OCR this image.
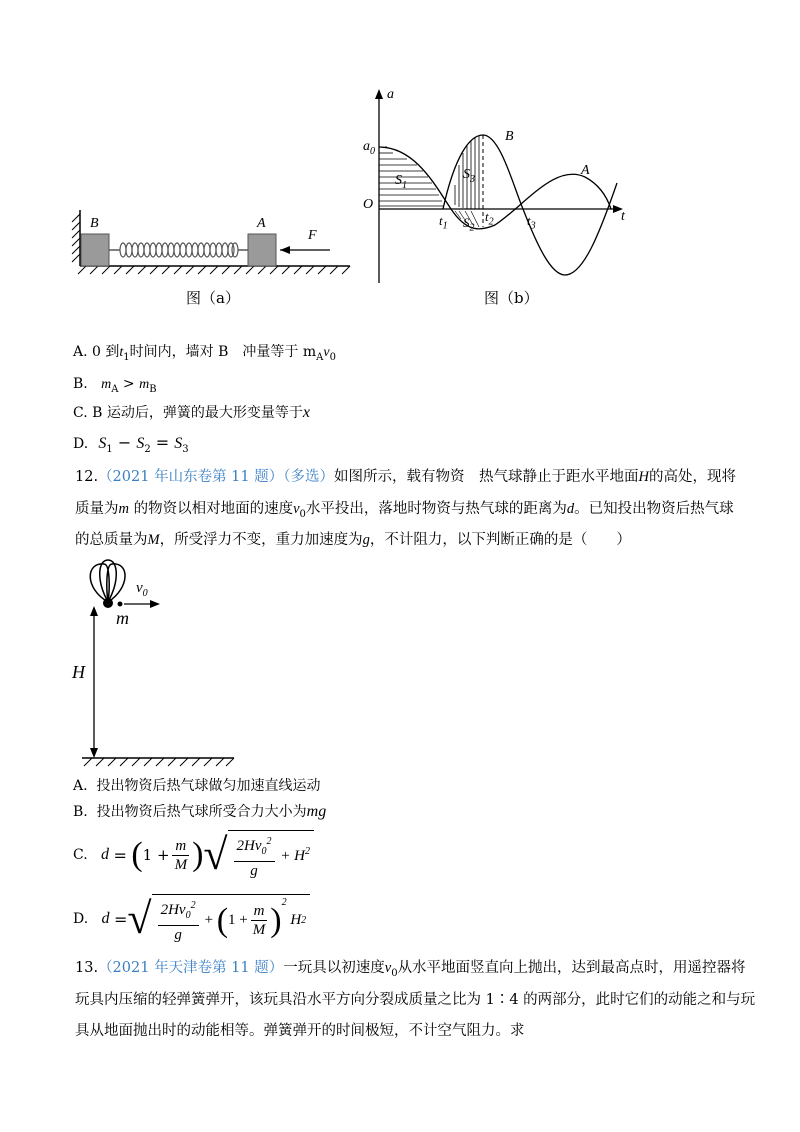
B	A
F
图（a）
a
t
$a_0$
O
B
A
$S_1$
$S_3$
$S_2$
$t_1$
$t_2$	$t_3$
图（b）
A. 0 到$t_1$时间内，墙对 B　冲量等于 $m_Av_0$
B. $m_A > m_B$
C. B 运动后，弹簧的最大形变量等于x
D. $S_1 - S_2 = S_3$
12.（2021 年山东卷第 11 题）（多选）如图所示，载有物资　热气球静止于距水平地面H的高处，现将
质量为m 的物资以相对地面的速度$v_0$水平投出，落地时物资与热气球的距离为d。已知投出物资后热气球
的总质量为M，所受浮力不变，重力加速度为g，不计阻力，以下判断正确的是（　　）
$v_0$
m
H
A. 投出物资后热气球做匀加速直线运动
B. 投出物资后热气球所受合力大小为mg
C.
d
=
( $1 + \frac{m}{M}$ ) √ $\frac{2Hv_0^2}{g} + H^2$
D.
d
= √ $\frac{2Hv_0^2}{g}$ + ( $1 + \frac{m}{M} )^2$

H 2
13.（2021 年天津卷第 11 题）一玩具以初速度$v_0$从水平地面竖直向上抛出，达到最高点时，用遥控器将
玩具内压缩的轻弹簧弹开，该玩具沿水平方向分裂成质量之比为 1∶4 的两部分，此时它们的动能之和与玩
具从地面抛出时的动能相等。弹簧弹开的时间极短，不计空气阻力。求
